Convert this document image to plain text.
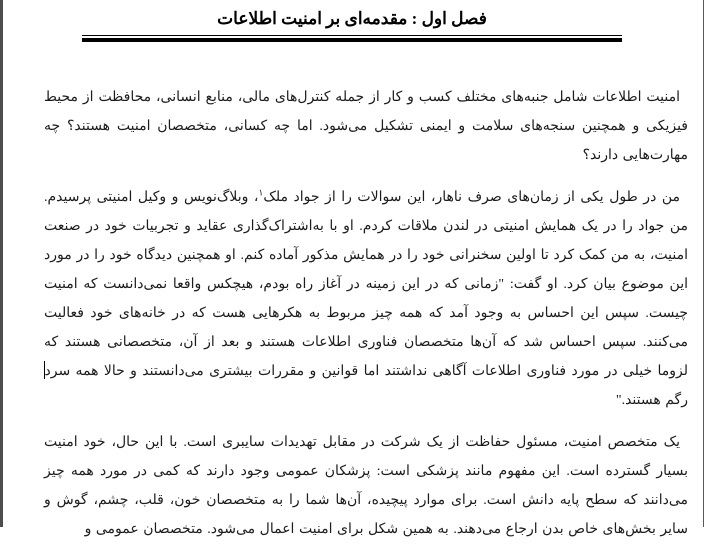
فصل اول : مقدمه‌ای بر امنیت اطلاعات

امنیت اطلاعات شامل جنبه‌های مختلف کسب و کار از جمله کنترل‌های مالی، منابع انسانی، محافظت از محیط فیزیکی و همچنین سنجه‌های سلامت و ایمنی تشکیل می‌شود. اما چه کسانی، متخصصان امنیت هستند؟ چه مهارت‌هایی دارند؟

من در طول یکی از زمان‌های صرف ناهار، این سوالات را از جواد ملک$^۱$، وبلاگ‌نویس و وکیل امنیتی پرسیدم. من جواد را در یک همایش امنیتی در لندن ملاقات کردم. او با به‌اشتراک‌گذاری عقاید و تجربیات خود در صنعت امنیت، به من کمک کرد تا اولین سخنرانی خود را در همایش مذکور آماده کنم. او همچنین دیدگاه خود را در مورد این موضوع بیان کرد. او گفت: "زمانی که در این زمینه در آغاز راه بودم، هیچکس واقعا نمی‌دانست که امنیت چیست. سپس این احساس به وجود آمد که همه چیز مربوط به هکرهایی هست که در خانه‌های خود فعالیت می‌کنند. سپس احساس شد که آن‌ها متخصصان فناوری اطلاعات هستند و بعد از آن، متخصصانی هستند که لزوما خیلی در مورد فناوری اطلاعات آگاهی نداشتند اما قوانین و مقررات بیشتری می‌دانستند و حالا همه سردرگم هستند."

یک متخصص امنیت، مسئول حفاظت از یک شرکت در مقابل تهدیدات سایبری است. با این حال، خود امنیت بسیار گسترده است. این مفهوم مانند پزشکی است: پزشکان عمومی وجود دارند که کمی در مورد همه چیز می‌دانند که سطح پایه دانش است. برای موارد پیچیده، آن‌ها شما را به متخصصان خون، قلب، چشم، گوش و سایر بخش‌های خاص بدن ارجاع می‌دهند. به همین شکل برای امنیت اعمال می‌شود. متخصصان عمومی و
